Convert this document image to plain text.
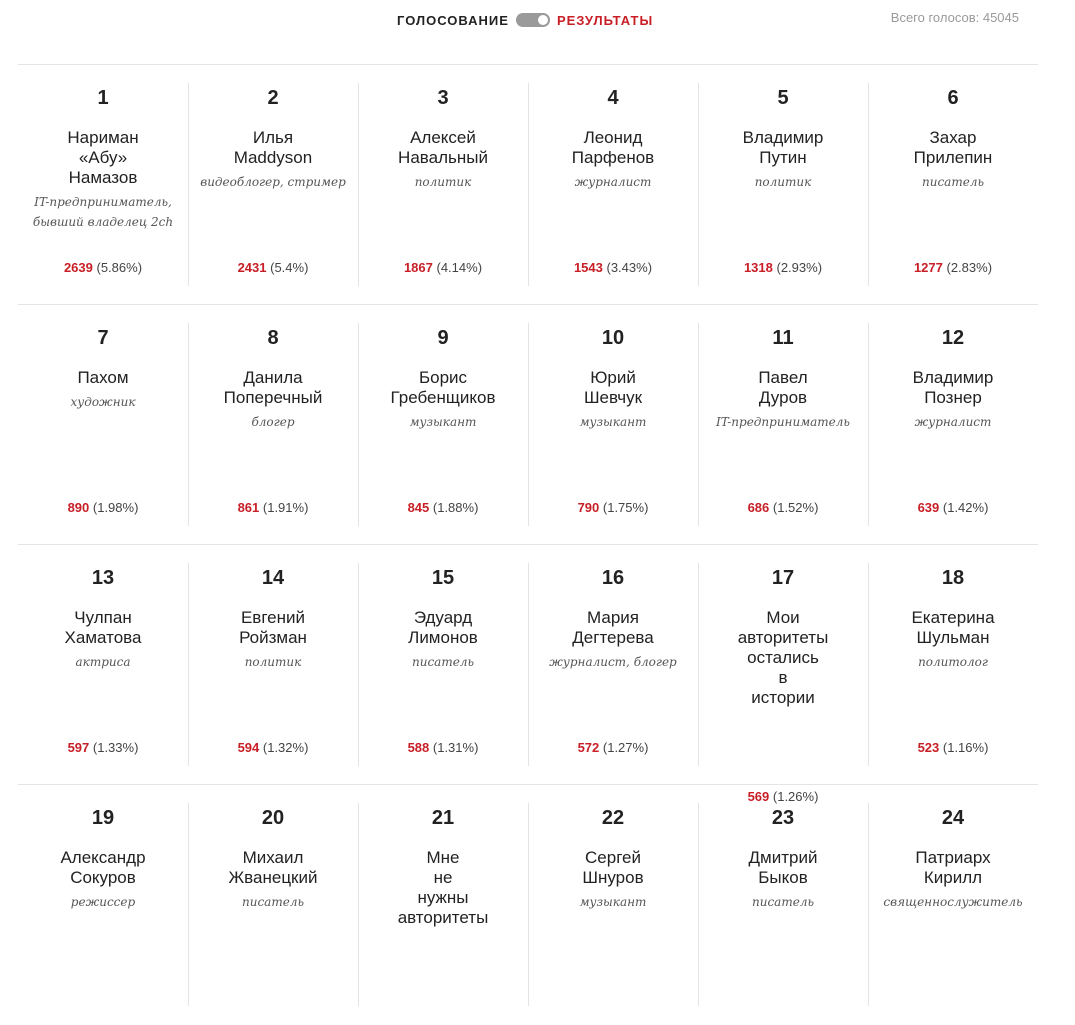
ГОЛОСОВАНИЕ	РЕЗУЛЬТАТЫ	Всего голосов: 45045
1
Нариман
«Абу»
Намазов
IT-предприниматель,
бывший владелец 2ch
2639 (5.86%)
2
Илья
Maddyson
видеоблогер, стример
2431 (5.4%)
3
Алексей
Навальный
политик
1867 (4.14%)
4
Леонид
Парфенов
журналист
1543 (3.43%)
5
Владимир
Путин
политик
1318 (2.93%)
6
Захар
Прилепин
писатель
1277 (2.83%)
7
Пахом
художник
890 (1.98%)
8
Данила
Поперечный
блогер
861 (1.91%)
9
Борис
Гребенщиков
музыкант
845 (1.88%)
10
Юрий
Шевчук
музыкант
790 (1.75%)
11
Павел
Дуров
IT-предприниматель
686 (1.52%)
12
Владимир
Познер
журналист
639 (1.42%)
13
Чулпан
Хаматова
актриса
597 (1.33%)
14
Евгений
Ройзман
политик
594 (1.32%)
15
Эдуард
Лимонов
писатель
588 (1.31%)
16
Мария
Дегтерева
журналист, блогер
572 (1.27%)
17
Мои
авторитеты
остались
в
истории
569 (1.26%)
18
Екатерина
Шульман
политолог
523 (1.16%)
19
Александр
Сокуров
режиссер
20
Михаил
Жванецкий
писатель
21
Мне
не
нужны
авторитеты
22
Сергей
Шнуров
музыкант
23
Дмитрий
Быков
писатель
24
Патриарх
Кирилл
священнослужитель
